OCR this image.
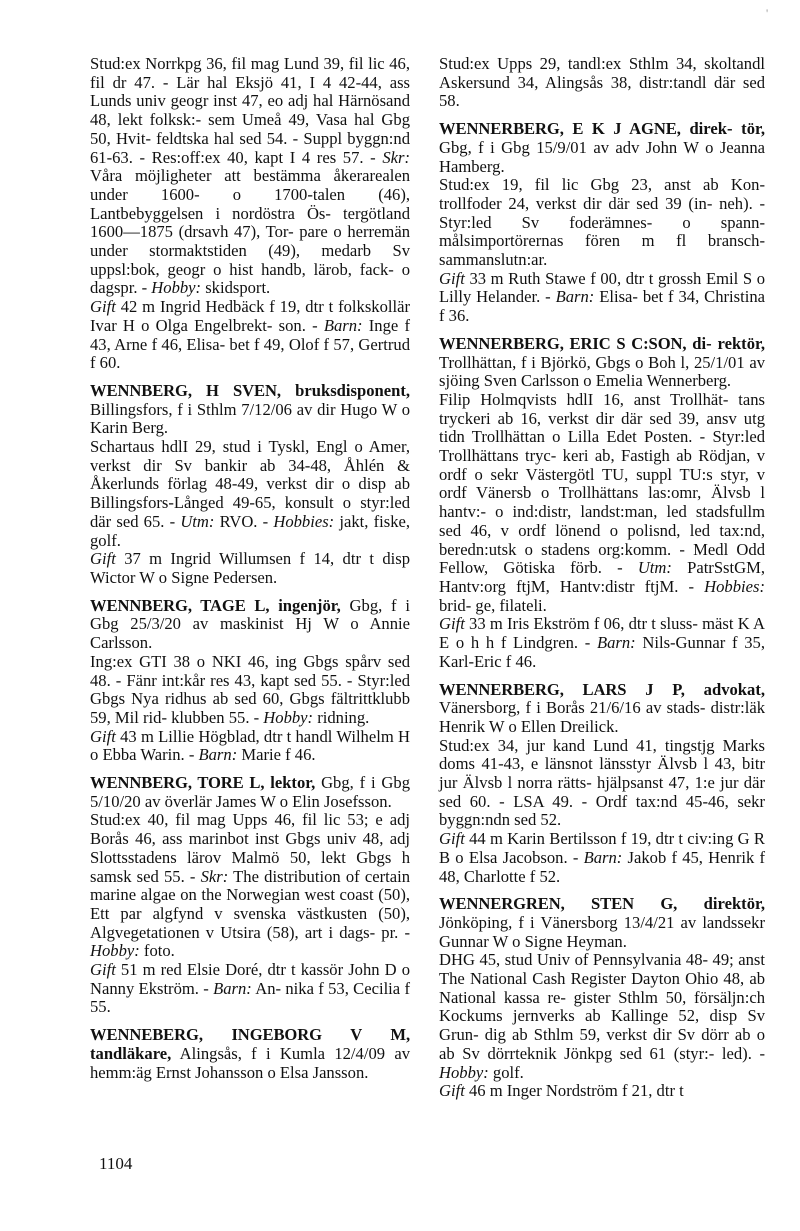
'

Stud:ex Norrkpg 36, fil mag Lund 39, fil lic 46, fil dr 47. - Lär hal Eksjö 41, I 4 42-44, ass Lunds univ geogr inst 47, eo adj hal Härnösand 48, lekt folksk:- sem Umeå 49, Vasa hal Gbg 50, Hvit- feldtska hal sed 54. - Suppl byggn:nd 61-63. - Res:off:ex 40, kapt I 4 res 57. - Skr: Våra möjligheter att bestämma åkerarealen under 1600- o 1700-talen (46), Lantbebyggelsen i nordöstra Ös- tergötland 1600—1875 (drsavh 47), Tor- pare o herremän under stormaktstiden (49), medarb Sv uppsl:bok, geogr o hist handb, lärob, fack- o dagspr. - Hobby: skidsport.

Gift 42 m Ingrid Hedbäck f 19, dtr t folkskollär Ivar H o Olga Engelbrekt- son. - Barn: Inge f 43, Arne f 46, Elisa- bet f 49, Olof f 57, Gertrud f 60.

WENNBERG, H SVEN, bruksdisponent, Billingsfors, f i Sthlm 7/12/06 av dir Hugo W o Karin Berg.

Schartaus hdlI 29, stud i Tyskl, Engl o Amer, verkst dir Sv bankir ab 34-48, Åhlén & Åkerlunds förlag 48-49, verkst dir o disp ab Billingsfors-Långed 49-65, konsult o styr:led där sed 65. - Utm: RVO. - Hobbies: jakt, fiske, golf.

Gift 37 m Ingrid Willumsen f 14, dtr t disp Wictor W o Signe Pedersen.

WENNBERG, TAGE L, ingenjör, Gbg, f i Gbg 25/3/20 av maskinist Hj W o Annie Carlsson.

Ing:ex GTI 38 o NKI 46, ing Gbgs spårv sed 48. - Fänr int:kår res 43, kapt sed 55. - Styr:led Gbgs Nya ridhus ab sed 60, Gbgs fältrittklubb 59, Mil rid- klubben 55. - Hobby: ridning.

Gift 43 m Lillie Högblad, dtr t handl Wilhelm H o Ebba Warin. - Barn: Marie f 46.

WENNBERG, TORE L, lektor, Gbg, f i Gbg 5/10/20 av överlär James W o Elin Josefsson.

Stud:ex 40, fil mag Upps 46, fil lic 53; e adj Borås 46, ass marinbot inst Gbgs univ 48, adj Slottsstadens lärov Malmö 50, lekt Gbgs h samsk sed 55. - Skr: The distribution of certain marine algae on the Norwegian west coast (50), Ett par algfynd v svenska västkusten (50), Algvegetationen v Utsira (58), art i dags- pr. - Hobby: foto.

Gift 51 m red Elsie Doré, dtr t kassör John D o Nanny Ekström. - Barn: An- nika f 53, Cecilia f 55.

WENNEBERG, INGEBORG V M, tandläkare, Alingsås, f i Kumla 12/4/09 av hemm:äg Ernst Johansson o Elsa Jansson.

Stud:ex Upps 29, tandl:ex Sthlm 34, skoltandl Askersund 34, Alingsås 38, distr:tandl där sed 58.

WENNERBERG, E K J AGNE, direk- tör, Gbg, f i Gbg 15/9/01 av adv John W o Jeanna Hamberg.

Stud:ex 19, fil lic Gbg 23, anst ab Kon- trollfoder 24, verkst dir där sed 39 (in- neh). - Styr:led Sv foderämnes- o spann- målsimportörernas fören m fl bransch- sammanslutn:ar.

Gift 33 m Ruth Stawe f 00, dtr t grossh Emil S o Lilly Helander. - Barn: Elisa- bet f 34, Christina f 36.

WENNERBERG, ERIC S C:SON, di- rektör, Trollhättan, f i Björkö, Gbgs o Boh l, 25/1/01 av sjöing Sven Carlsson o Emelia Wennerberg.

Filip Holmqvists hdlI 16, anst Trollhät- tans tryckeri ab 16, verkst dir där sed 39, ansv utg tidn Trollhättan o Lilla Edet Posten. - Styr:led Trollhättans tryc- keri ab, Fastigh ab Rödjan, v ordf o sekr Västergötl TU, suppl TU:s styr, v ordf Vänersb o Trollhättans las:omr, Älvsb l hantv:- o ind:distr, landst:man, led stadsfullm sed 46, v ordf lönend o polisnd, led tax:nd, beredn:utsk o stadens org:komm. - Medl Odd Fellow, Götiska förb. - Utm: PatrSstGM, Hantv:org ftjM, Hantv:distr ftjM. - Hobbies: brid- ge, filateli.

Gift 33 m Iris Ekström f 06, dtr t sluss- mäst K A E o h h f Lindgren. - Barn: Nils-Gunnar f 35, Karl-Eric f 46.

WENNERBERG, LARS J P, advokat, Vänersborg, f i Borås 21/6/16 av stads- distr:läk Henrik W o Ellen Dreilick.

Stud:ex 34, jur kand Lund 41, tingstjg Marks doms 41-43, e länsnot länsstyr Älvsb l 43, bitr jur Älvsb l norra rätts- hjälpsanst 47, 1:e jur där sed 60. - LSA 49. - Ordf tax:nd 45-46, sekr byggn:ndn sed 52.

Gift 44 m Karin Bertilsson f 19, dtr t civ:ing G R B o Elsa Jacobson. - Barn: Jakob f 45, Henrik f 48, Charlotte f 52.

WENNERGREN, STEN G, direktör, Jönköping, f i Vänersborg 13/4/21 av landssekr Gunnar W o Signe Heyman.

DHG 45, stud Univ of Pennsylvania 48- 49; anst The National Cash Register Dayton Ohio 48, ab National kassa re- gister Sthlm 50, försäljn:ch Kockums jernverks ab Kallinge 52, disp Sv Grun- dig ab Sthlm 59, verkst dir Sv dörr ab o ab Sv dörrteknik Jönkpg sed 61 (styr:- led). - Hobby: golf.

Gift 46 m Inger Nordström f 21, dtr t

1104
